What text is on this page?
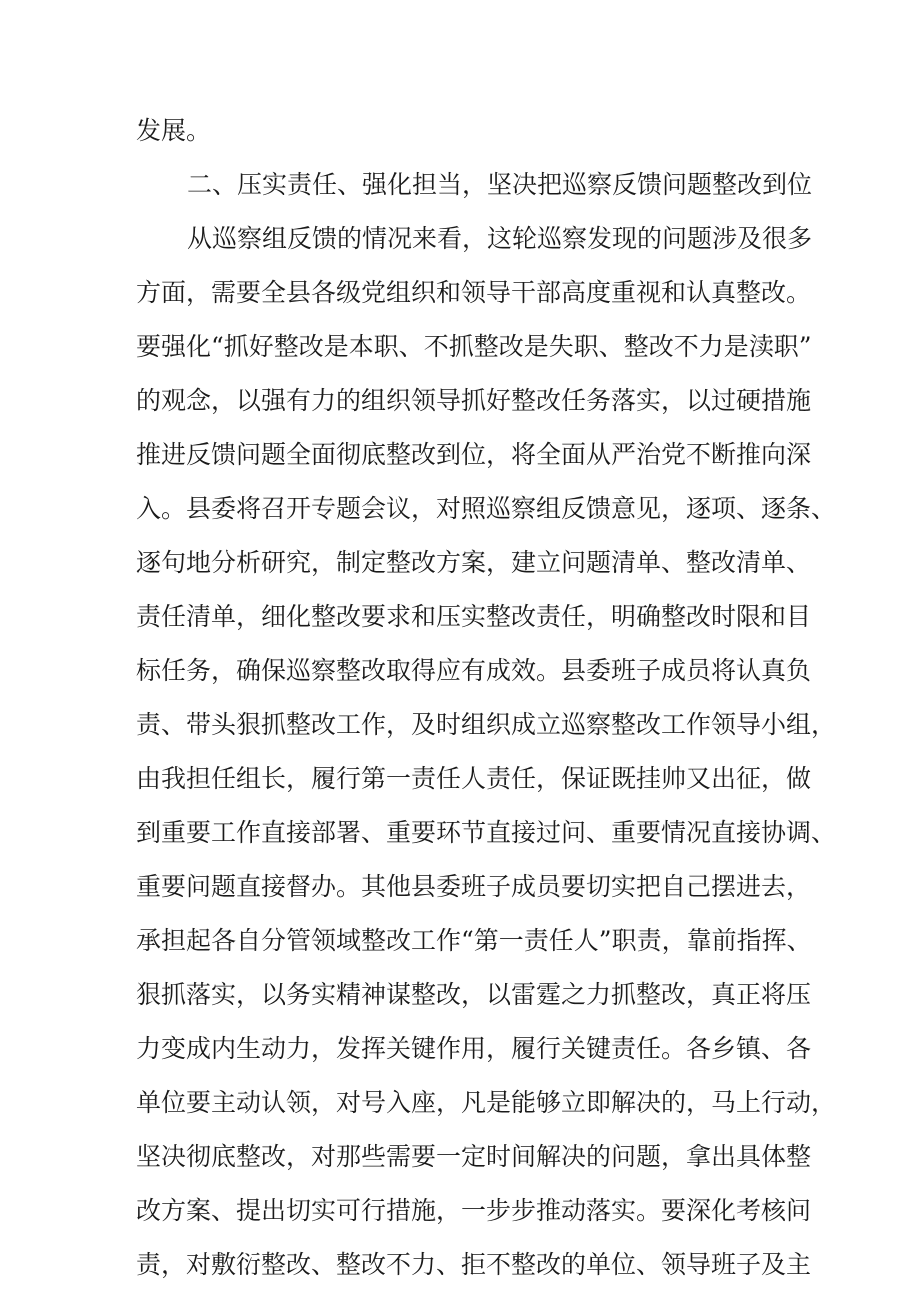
发展。

二、压实责任、强化担当，坚决把巡察反馈问题整改到位

从巡察组反馈的情况来看，这轮巡察发现的问题涉及很多

方面，需要全县各级党组织和领导干部高度重视和认真整改。

要强化“抓好整改是本职、不抓整改是失职、整改不力是渎职”

的观念，以强有力的组织领导抓好整改任务落实，以过硬措施

推进反馈问题全面彻底整改到位，将全面从严治党不断推向深

入。县委将召开专题会议，对照巡察组反馈意见，逐项、逐条、

逐句地分析研究，制定整改方案，建立问题清单、整改清单、

责任清单，细化整改要求和压实整改责任，明确整改时限和目

标任务，确保巡察整改取得应有成效。县委班子成员将认真负

责、带头狠抓整改工作，及时组织成立巡察整改工作领导小组，

由我担任组长，履行第一责任人责任，保证既挂帅又出征，做

到重要工作直接部署、重要环节直接过问、重要情况直接协调、

重要问题直接督办。其他县委班子成员要切实把自己摆进去，

承担起各自分管领域整改工作“第一责任人”职责，靠前指挥、

狠抓落实，以务实精神谋整改，以雷霆之力抓整改，真正将压

力变成内生动力，发挥关键作用，履行关键责任。各乡镇、各

单位要主动认领，对号入座，凡是能够立即解决的，马上行动，

坚决彻底整改，对那些需要一定时间解决的问题，拿出具体整

改方案、提出切实可行措施，一步步推动落实。要深化考核问

责，对敷衍整改、整改不力、拒不整改的单位、领导班子及主
